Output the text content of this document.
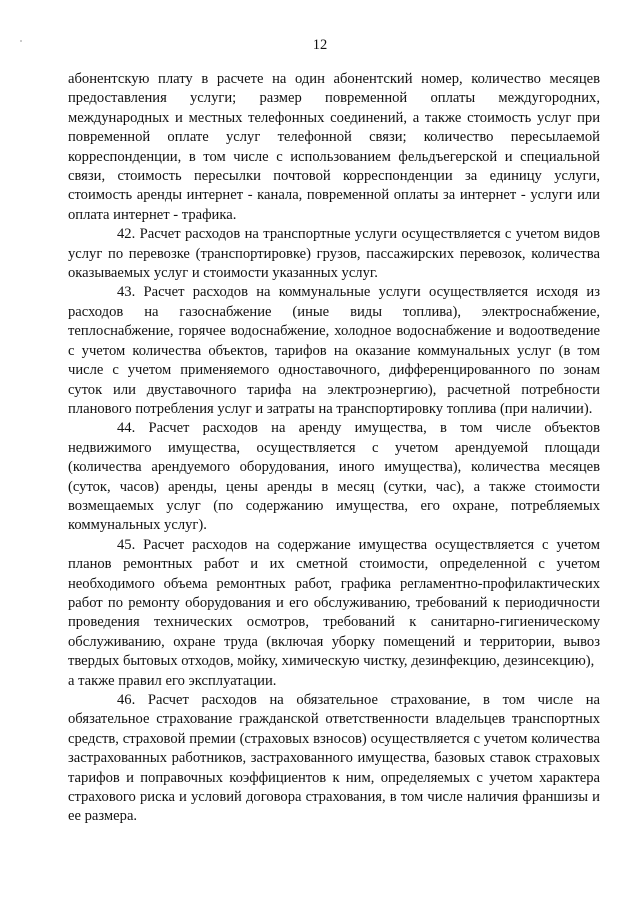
12

абонентскую плату в расчете на один абонентский номер, количество месяцев предоставления услуги; размер повременной оплаты междугородних, международных и местных телефонных соединений, а также стоимость услуг при повременной оплате услуг телефонной связи; количество пересылаемой корреспонденции, в том числе с использованием фельдъегерской и специальной связи, стоимость пересылки почтовой корреспонденции за единицу услуги, стоимость аренды интернет - канала, повременной оплаты за интернет - услуги или оплата интернет - трафика.

42. Расчет расходов на транспортные услуги осуществляется с учетом видов услуг по перевозке (транспортировке) грузов, пассажирских перевозок, количества оказываемых услуг и стоимости указанных услуг.

43. Расчет расходов на коммунальные услуги осуществляется исходя из расходов на газоснабжение (иные виды топлива), электроснабжение, теплоснабжение, горячее водоснабжение, холодное водоснабжение и водоотведение с учетом количества объектов, тарифов на оказание коммунальных услуг (в том числе с учетом применяемого одноставочного, дифференцированного по зонам суток или двуставочного тарифа на электроэнергию), расчетной потребности планового потребления услуг и затраты на транспортировку топлива (при наличии).

44. Расчет расходов на аренду имущества, в том числе объектов недвижимого имущества, осуществляется с учетом арендуемой площади (количества арендуемого оборудования, иного имущества), количества месяцев (суток, часов) аренды, цены аренды в месяц (сутки, час), а также стоимости возмещаемых услуг (по содержанию имущества, его охране, потребляемых коммунальных услуг).

45. Расчет расходов на содержание имущества осуществляется с учетом планов ремонтных работ и их сметной стоимости, определенной с учетом необходимого объема ремонтных работ, графика регламентно-профилактических работ по ремонту оборудования и его обслуживанию, требований к периодичности проведения технических осмотров, требований к санитарно-гигиеническому обслуживанию, охране труда (включая уборку помещений и территории, вывоз твердых бытовых отходов, мойку, химическую чистку, дезинфекцию, дезинсекцию),

а также правил его эксплуатации.

46. Расчет расходов на обязательное страхование, в том числе на обязательное страхование гражданской ответственности владельцев транспортных средств, страховой премии (страховых взносов) осуществляется с учетом количества застрахованных работников, застрахованного имущества, базовых ставок страховых тарифов и поправочных коэффициентов к ним, определяемых с учетом характера страхового риска и условий договора страхования, в том числе наличия франшизы и ее размера.
